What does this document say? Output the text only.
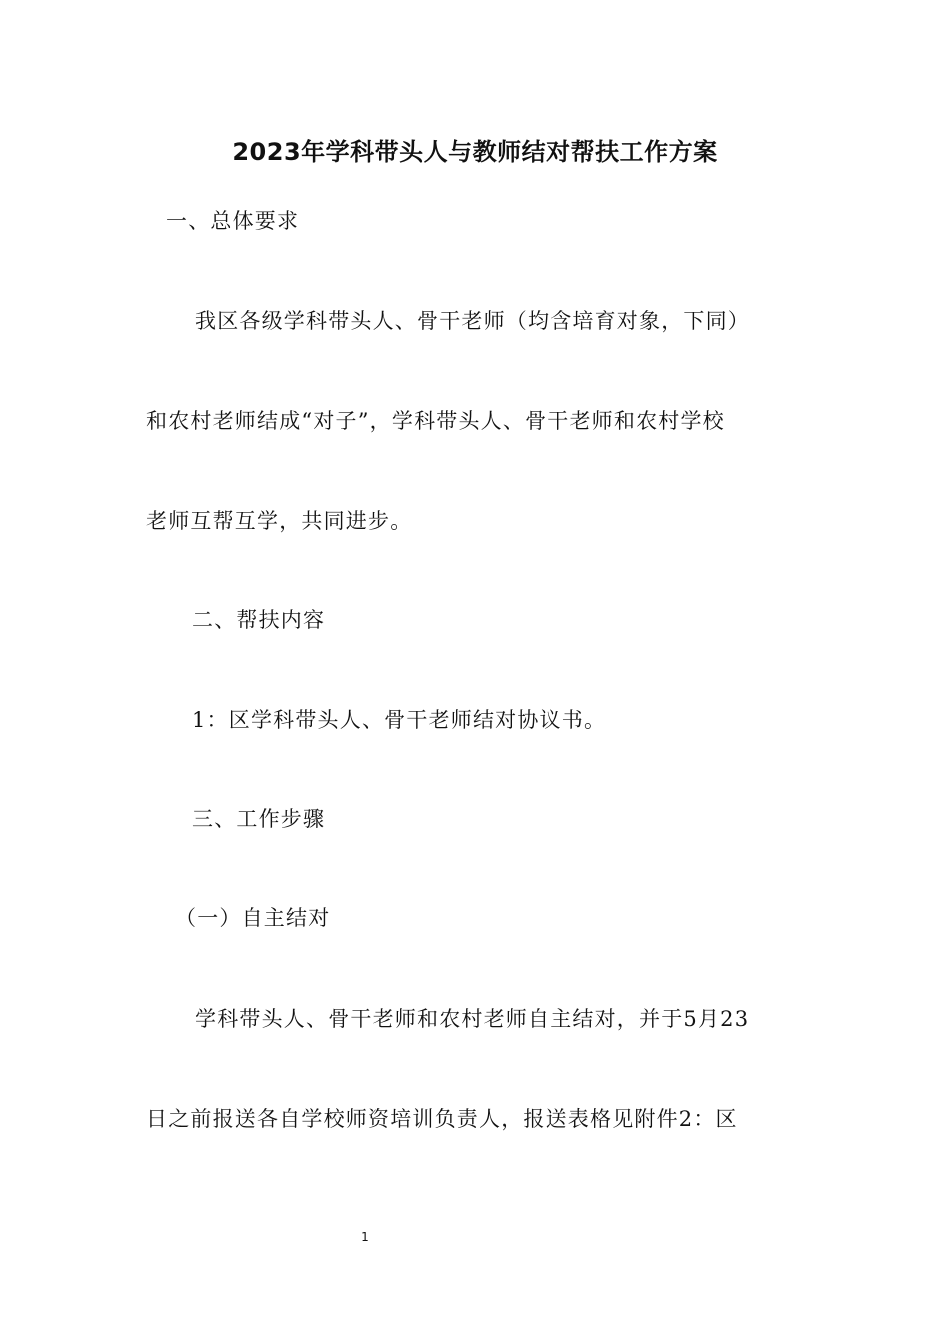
2023年学科带头人与教师结对帮扶工作方案
一、总体要求
我区各级学科带头人、骨干老师（均含培育对象，下同）
和农村老师结成“对子”，学科带头人、骨干老师和农村学校
老师互帮互学，共同进步。
二、帮扶内容
1：区学科带头人、骨干老师结对协议书。
三、工作步骤
（一）自主结对
学科带头人、骨干老师和农村老师自主结对，并于5月23
日之前报送各自学校师资培训负责人，报送表格见附件2：区
1
